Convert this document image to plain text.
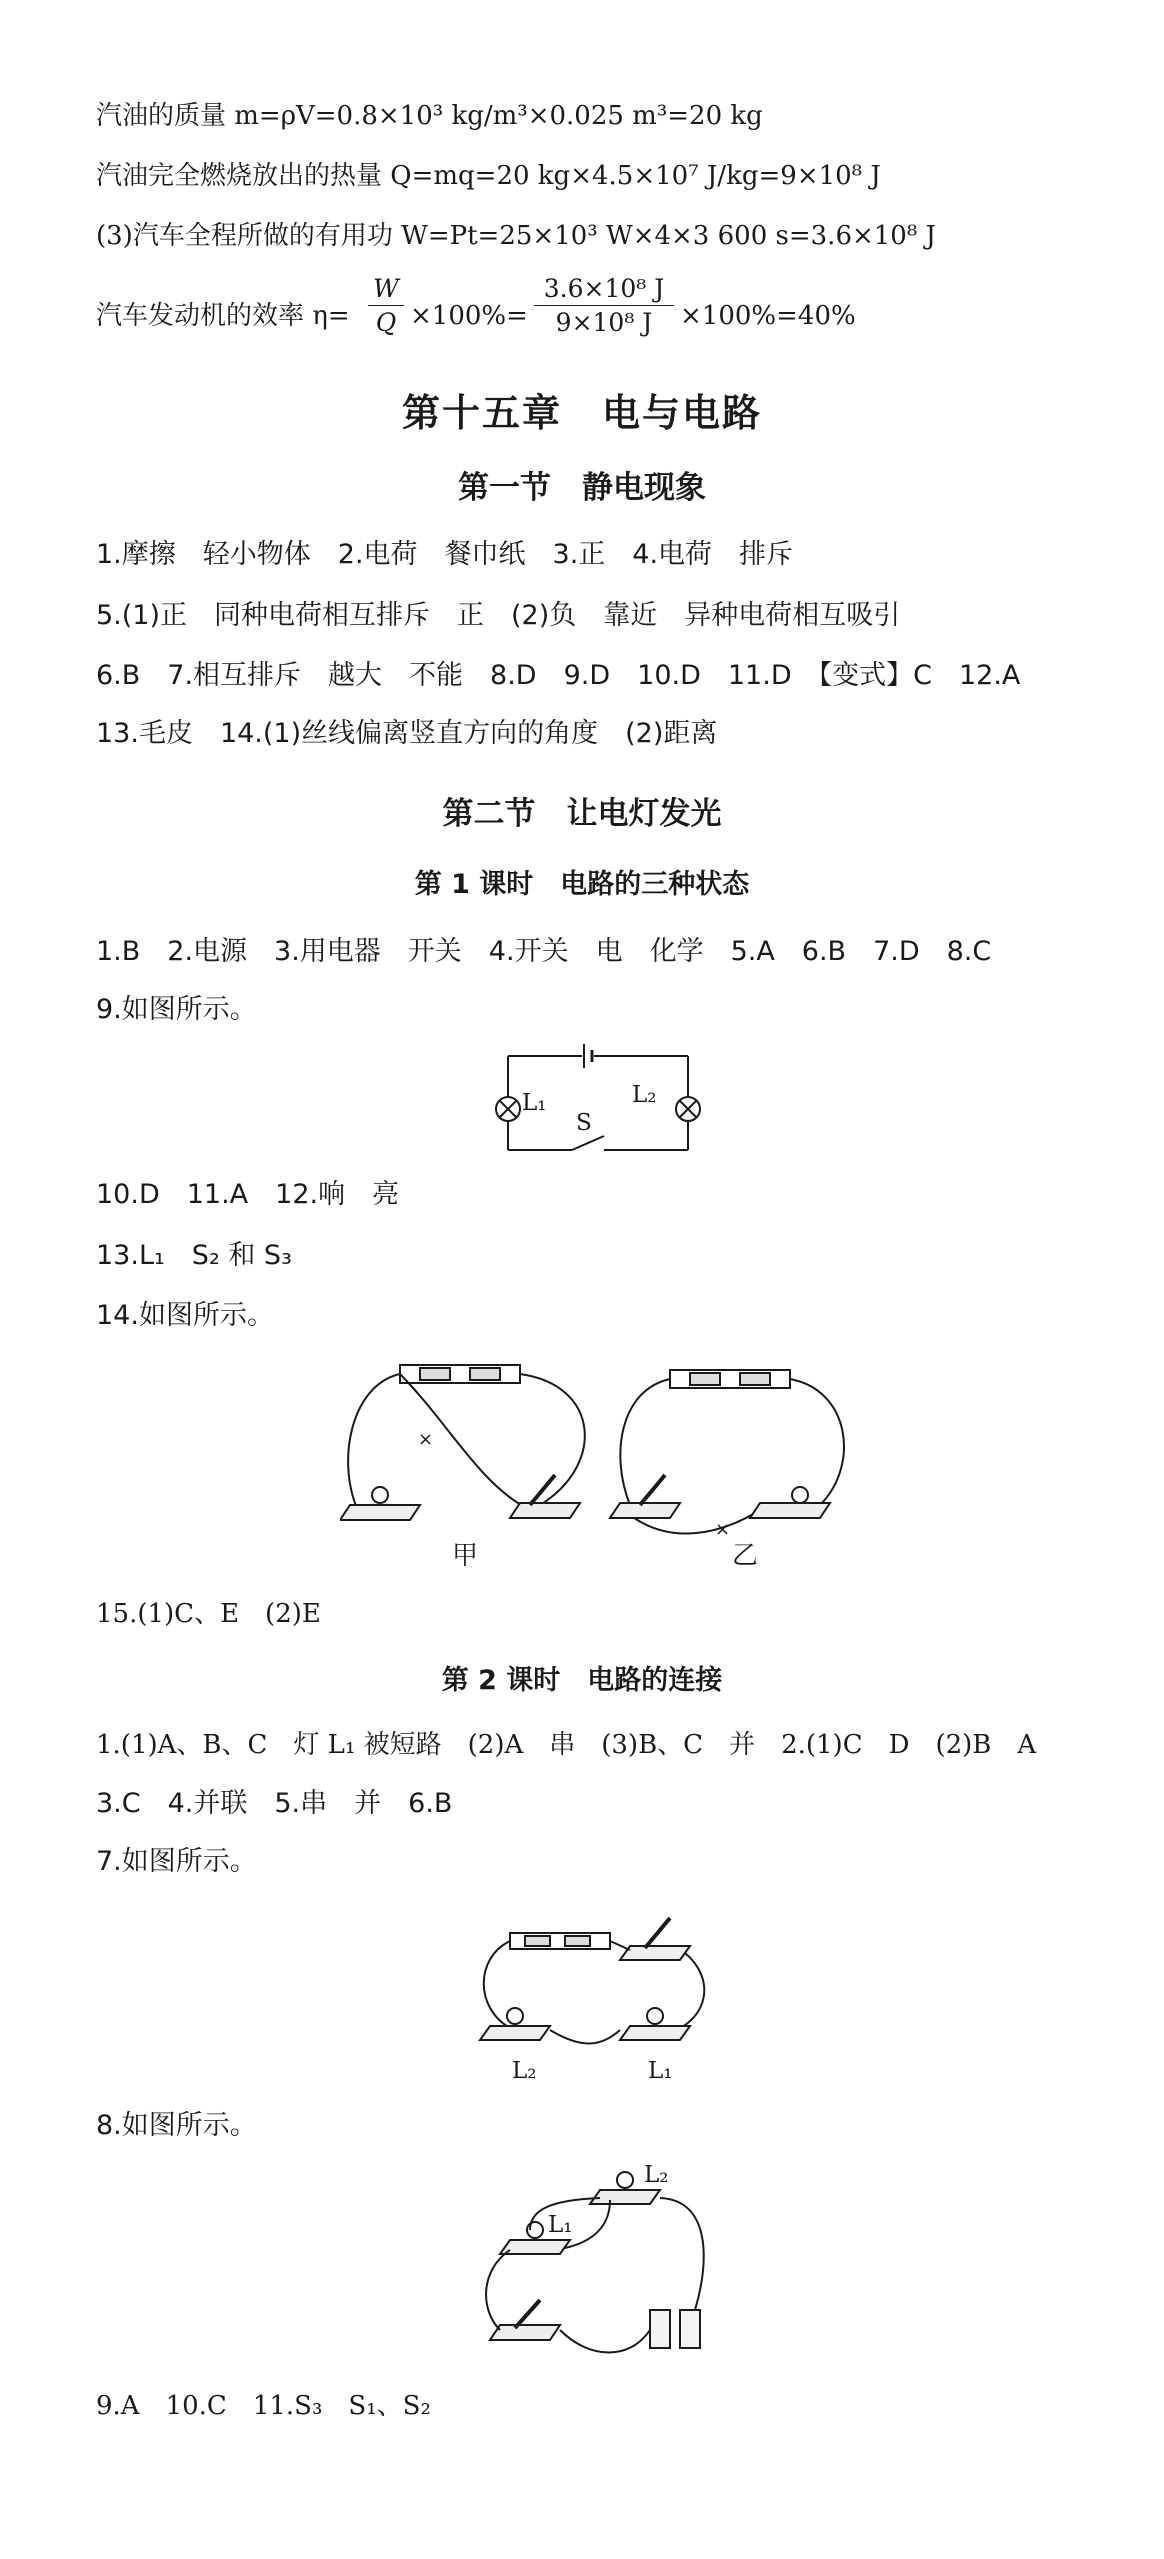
汽油的质量 m=ρV=0.8×10³ kg/m³×0.025 m³=20 kg
汽油完全燃烧放出的热量 Q=mq=20 kg×4.5×10⁷ J/kg=9×10⁸ J
(3)汽车全程所做的有用功 W=Pt=25×10³ W×4×3 600 s=3.6×10⁸ J
汽车发动机的效率 η=
W
Q ×100%=
3.6×10⁸ J
9×10⁸ J	×100%=40%
第十五章　电与电路
第一节　静电现象
1.摩擦　轻小物体　2.电荷　餐巾纸　3.正　4.电荷　排斥
5.(1)正　同种电荷相互排斥　正　(2)负　靠近　异种电荷相互吸引
6.B　7.相互排斥　越大　不能　8.D　9.D　10.D　11.D　【变式】C　12.A
13.毛皮　14.(1)丝线偏离竖直方向的角度　(2)距离
第二节　让电灯发光
第 1 课时　电路的三种状态
1.B　2.电源　3.用电器　开关　4.开关　电　化学　5.A　6.B　7.D　8.C
9.如图所示。
L₁	L₂
S
10.D　11.A　12.响　亮
13.L₁　S₂ 和 S₃
14.如图所示。
×
×
甲	乙
15.(1)C、E　(2)E
第 2 课时　电路的连接
1.(1)A、B、C　灯 L₁ 被短路　(2)A　串　(3)B、C　并　2.(1)C　D　(2)B　A
3.C　4.并联　5.串　并　6.B
7.如图所示。
L₂	L₁
8.如图所示。
L₁
L₂
9.A　10.C　11.S₃　S₁、S₂
